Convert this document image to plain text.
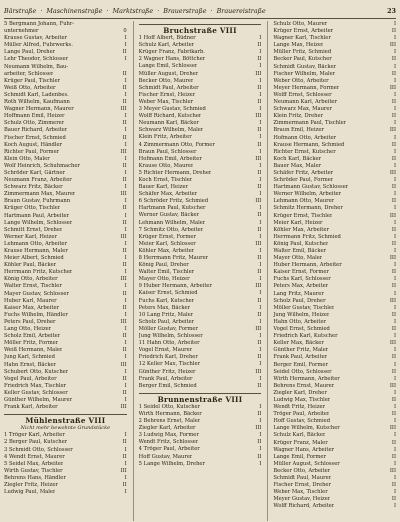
Bärstraße · Maschinenstraße · Marktstraße · Brauerstraße · Brauereistraße	23
5 Bergmann Johann, Fuhr-
unternehmer	0
Krause Gustav, Arbeiter	I
Müller Alfred, Fuhrwerks.	I
Lange Paul, Dreher	II
Lehr Theodor, Schlosser	I
Neumann Wilhelm, Bau-
arbeiter, Schlosser	II
Krüger Paul, Tischler	I
Weiß Otto, Arbeiter	II
Schmidt Karl, Ladenbes.	I
Roth Wilhelm, Kaufmann	II
Wagner Hermann, Maurer	III
Hoffmann Emil, Heizer	I
Schulz Otto, Zimmerer	II
Bauer Richard, Arbeiter	I
Fischer Ernst, Schmied	II
Koch August, Händler	I
Richter Paul, Former	III
Klein Otto, Maler	I
Wolf Heinrich, Schuhmacher	II
Schröder Karl, Gärtner	I
Neumann Franz, Arbeiter	II
Schwarz Fritz, Bäcker	I
Zimmermann Max, Maurer	III
Braun Gustav, Fuhrmann	I
Krüger Otto, Tischler	II
Hartmann Paul, Arbeiter	I
Lange Wilhelm, Schlosser	II
Schmitt Ernst, Dreher	I
Werner Karl, Heizer	III
Lehmann Otto, Arbeiter	I
Krause Hermann, Maler	II
Meier Albert, Schmied	I
Köhler Paul, Bäcker	II
Herrmann Fritz, Kutscher	I
König Otto, Arbeiter	III
Walter Ernst, Tischler	I
Mayer Gustav, Schlosser	II
Huber Karl, Maurer	I
Kaiser Max, Arbeiter	II
Fuchs Wilhelm, Händler	I
Peters Paul, Dreher	III
Lang Otto, Heizer	I
Scholz Emil, Arbeiter	II
Möller Fritz, Former	I
Weiß Hermann, Maler	II
Jung Karl, Schmied	I
Hahn Ernst, Bäcker	III
Schubert Otto, Kutscher	I
Vogel Paul, Arbeiter	II
Friedrich Max, Tischler	I
Keller Gustav, Schlosser	II
Günther Wilhelm, Maurer	I
Frank Karl, Arbeiter	III
Mühlenstraße VIII
Nicht mehr bewohnte Grundstücke
1 Tröger Karl, Arbeiter	I
2 Berger Paul, Kutscher	II
3 Schmidt Otto, Schlosser	I
4 Wendt Ernst, Maurer	II
5 Seidel Max, Arbeiter	I
Wirth Gustav, Tischler	III
Behrens Hans, Händler	I
Ziegler Fritz, Heizer	II
Ludwig Paul, Maler	I
Bruchstraße VIII
1 Hoff Albert, Büdner	I
Schulz Karl, Arbeiter	II
Krüger Franz, Fabrikarb.	I
2 Wagner Hans, Böttcher	II
Lange Emil, Schlosser	I
Müller August, Dreher	III
Becker Otto, Maurer	I
Schmidt Paul, Arbeiter	II
Fischer Ernst, Heizer	I
Weber Max, Tischler	II
3 Meyer Gustav, Schmied	I
Wolff Richard, Kutscher	III
Neumann Karl, Bäcker	I
Schwarz Wilhelm, Maler	II
Klein Fritz, Arbeiter	I
4 Zimmermann Otto, Former	II
Braun Paul, Schlosser	I
Hofmann Emil, Arbeiter	III
Krause Otto, Maurer	I
5 Richter Hermann, Dreher	II
Koch Ernst, Tischler	I
Bauer Karl, Heizer	II
Schäfer Max, Arbeiter	I
6 Schröder Fritz, Schmied	III
Hartmann Paul, Kutscher	I
Werner Gustav, Bäcker	II
Lehmann Wilhelm, Maler	I
7 Schmitz Otto, Arbeiter	II
Krüger Ernst, Former	I
Meier Karl, Schlosser	III
Köhler Max, Arbeiter	I
8 Herrmann Fritz, Maurer	II
König Paul, Dreher	I
Walter Emil, Tischler	II
Mayer Otto, Heizer	I
9 Huber Hermann, Arbeiter	III
Kaiser Ernst, Schmied	I
Fuchs Karl, Kutscher	II
Peters Max, Bäcker	I
10 Lang Fritz, Maler	II
Scholz Paul, Arbeiter	I
Möller Gustav, Former	III
Jung Wilhelm, Schlosser	I
11 Hahn Otto, Arbeiter	II
Vogel Ernst, Maurer	I
Friedrich Karl, Dreher	II
12 Keller Max, Tischler	I
Günther Fritz, Heizer	III
Frank Paul, Arbeiter	I
Berger Emil, Schmied	II
Brunnenstraße VIII
1 Seidel Otto, Kutscher	I
Wirth Hermann, Bäcker	II
2 Behrens Ernst, Maler	I
Ziegler Karl, Arbeiter	III
3 Ludwig Max, Former	I
Wendt Fritz, Schlosser	II
4 Tröger Paul, Arbeiter	I
Hoff Gustav, Maurer	II
5 Lange Wilhelm, Dreher	I
Schulz Otto, Maurer	I
Krüger Ernst, Arbeiter	II
Wagner Karl, Tischler	I
Lange Max, Heizer	III
Müller Fritz, Schmied	I
Becker Paul, Kutscher	II
Schmidt Gustav, Bäcker	I
Fischer Wilhelm, Maler	II
Weber Otto, Arbeiter	I
Meyer Hermann, Former	III
Wolff Ernst, Schlosser	I
Neumann Karl, Arbeiter	II
Schwarz Max, Maurer	I
Klein Fritz, Dreher	II
Zimmermann Paul, Tischler	I
Braun Emil, Heizer	III
Hofmann Otto, Arbeiter	I
Krause Hermann, Schmied	II
Richter Ernst, Kutscher	I
Koch Karl, Bäcker	II
Bauer Max, Maler	I
Schäfer Fritz, Arbeiter	III
Schröder Paul, Former	I
Hartmann Gustav, Schlosser	II
Werner Wilhelm, Arbeiter	I
Lehmann Otto, Maurer	II
Schmitz Hermann, Dreher	I
Krüger Ernst, Tischler	III
Meier Karl, Heizer	I
Köhler Max, Arbeiter	II
Herrmann Fritz, Schmied	I
König Paul, Kutscher	II
Walter Emil, Bäcker	I
Mayer Otto, Maler	III
Huber Hermann, Arbeiter	I
Kaiser Ernst, Former	II
Fuchs Karl, Schlosser	I
Peters Max, Arbeiter	II
Lang Fritz, Maurer	I
Scholz Paul, Dreher	III
Möller Gustav, Tischler	I
Jung Wilhelm, Heizer	II
Hahn Otto, Arbeiter	I
Vogel Ernst, Schmied	II
Friedrich Karl, Kutscher	I
Keller Max, Bäcker	III
Günther Fritz, Maler	I
Frank Paul, Arbeiter	II
Berger Emil, Former	I
Seidel Otto, Schlosser	II
Wirth Hermann, Arbeiter	I
Behrens Ernst, Maurer	III
Ziegler Karl, Dreher	I
Ludwig Max, Tischler	II
Wendt Fritz, Heizer	I
Tröger Paul, Arbeiter	II
Hoff Gustav, Schmied	I
Lange Wilhelm, Kutscher	III
Schulz Karl, Bäcker	I
Krüger Franz, Maler	II
Wagner Hans, Arbeiter	I
Lange Emil, Former	II
Müller August, Schlosser	I
Becker Otto, Arbeiter	III
Schmidt Paul, Maurer	I
Fischer Ernst, Dreher	II
Weber Max, Tischler	I
Meyer Gustav, Heizer	II
Wolff Richard, Arbeiter	I
